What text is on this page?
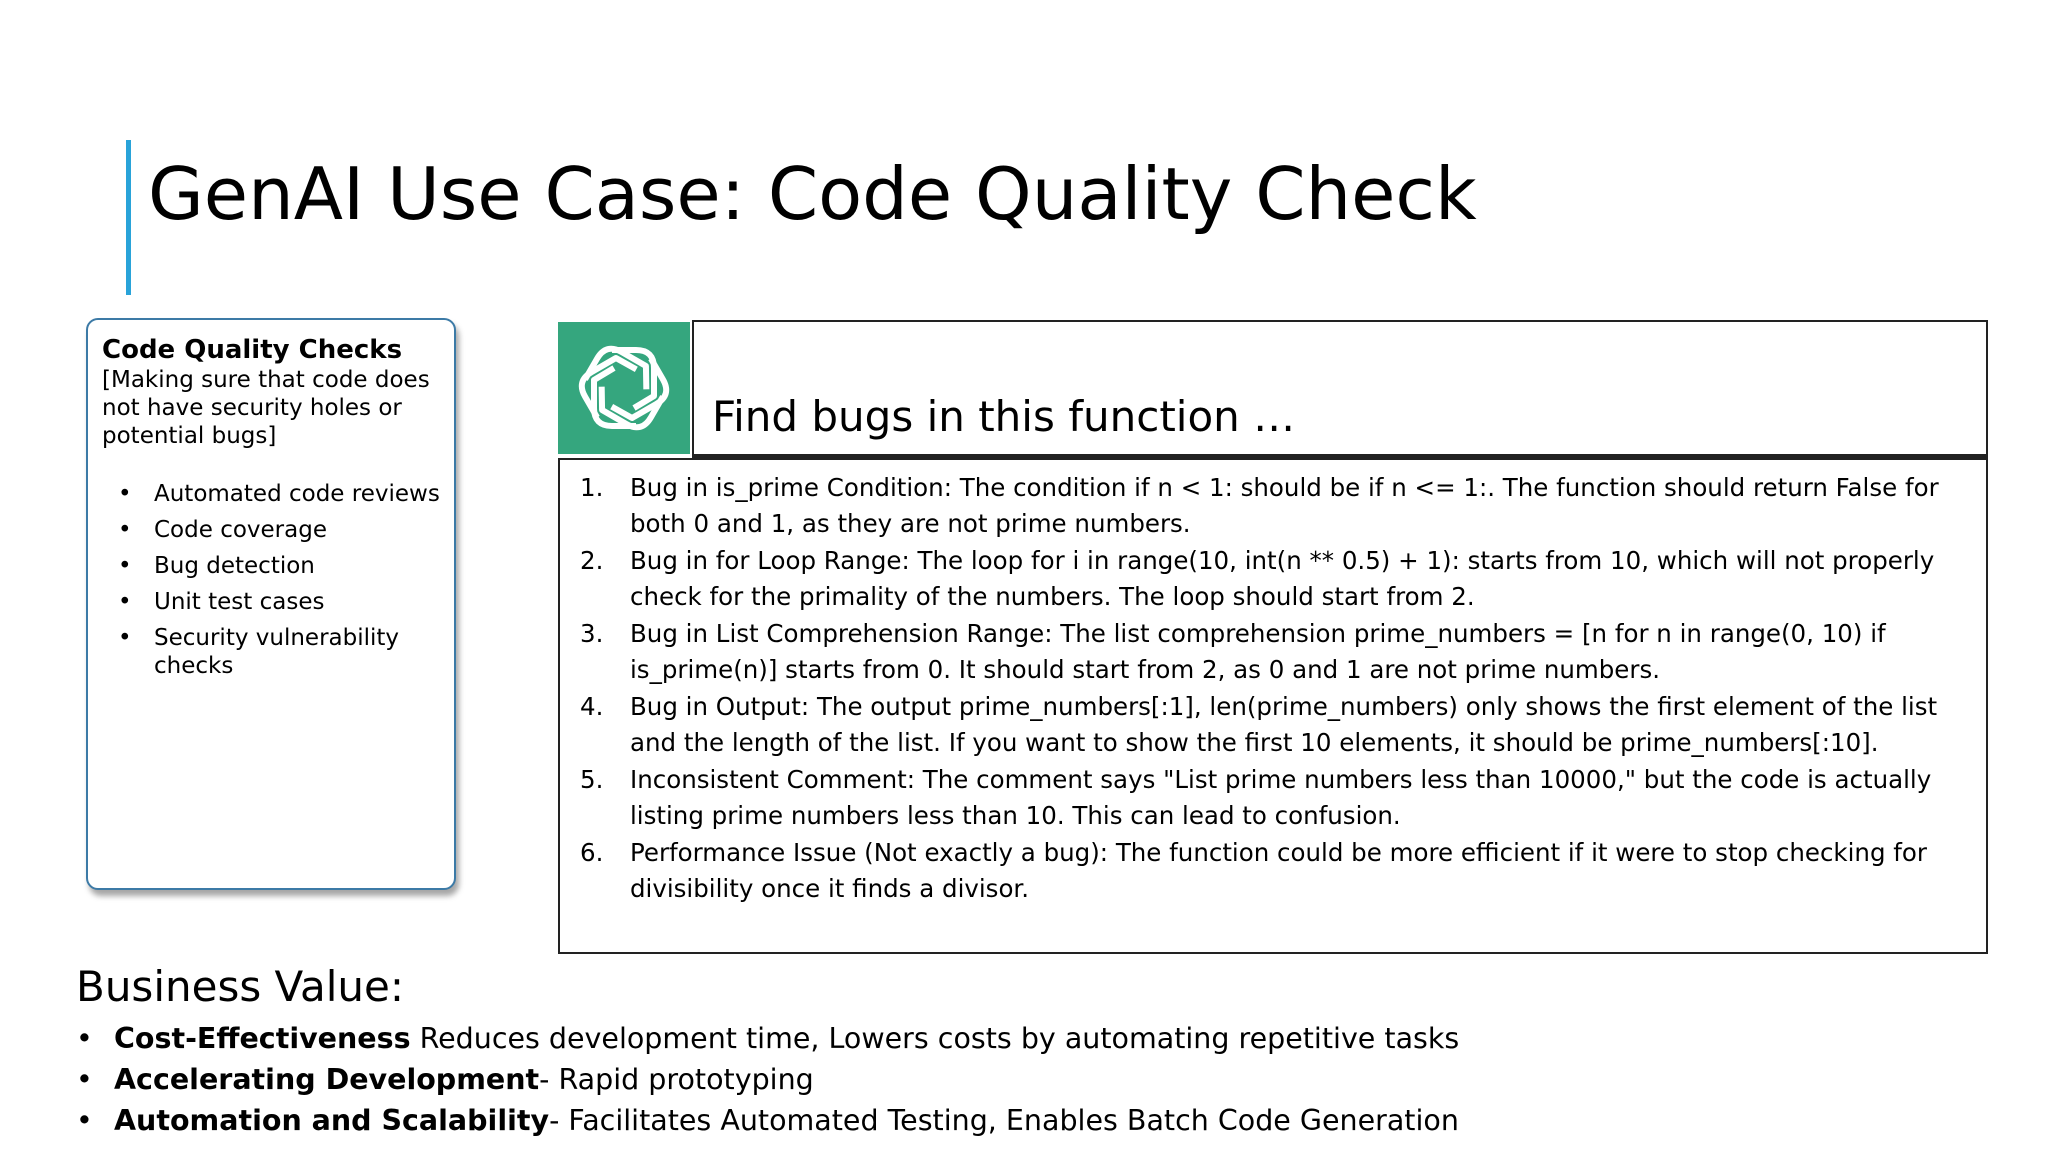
GenAI Use Case: Code Quality Check
Code Quality Checks
[Making sure that code does not have security holes or potential bugs]
• Automated code reviews
• Code coverage
• Bug detection
• Unit test cases
• Security vulnerability checks
Find bugs in this function …
1. Bug in is_prime Condition: The condition if n < 1: should be if n <= 1:. The function should return False for both 0 and 1, as they are not prime numbers.
2. Bug in for Loop Range: The loop for i in range(10, int(n ** 0.5) + 1): starts from 10, which will not properly check for the primality of the numbers. The loop should start from 2.
3. Bug in List Comprehension Range: The list comprehension prime_numbers = [n for n in range(0, 10) if is_prime(n)] starts from 0. It should start from 2, as 0 and 1 are not prime numbers.
4. Bug in Output: The output prime_numbers[:1], len(prime_numbers) only shows the first element of the list and the length of the list. If you want to show the first 10 elements, it should be prime_numbers[:10].
5. Inconsistent Comment: The comment says "List prime numbers less than 10000," but the code is actually listing prime numbers less than 10. This can lead to confusion.
6. Performance Issue (Not exactly a bug): The function could be more efficient if it were to stop checking for divisibility once it finds a divisor.
Business Value:
• Cost-Effectiveness Reduces development time, Lowers costs by automating repetitive tasks
• Accelerating Development- Rapid prototyping
• Automation and Scalability- Facilitates Automated Testing, Enables Batch Code Generation
